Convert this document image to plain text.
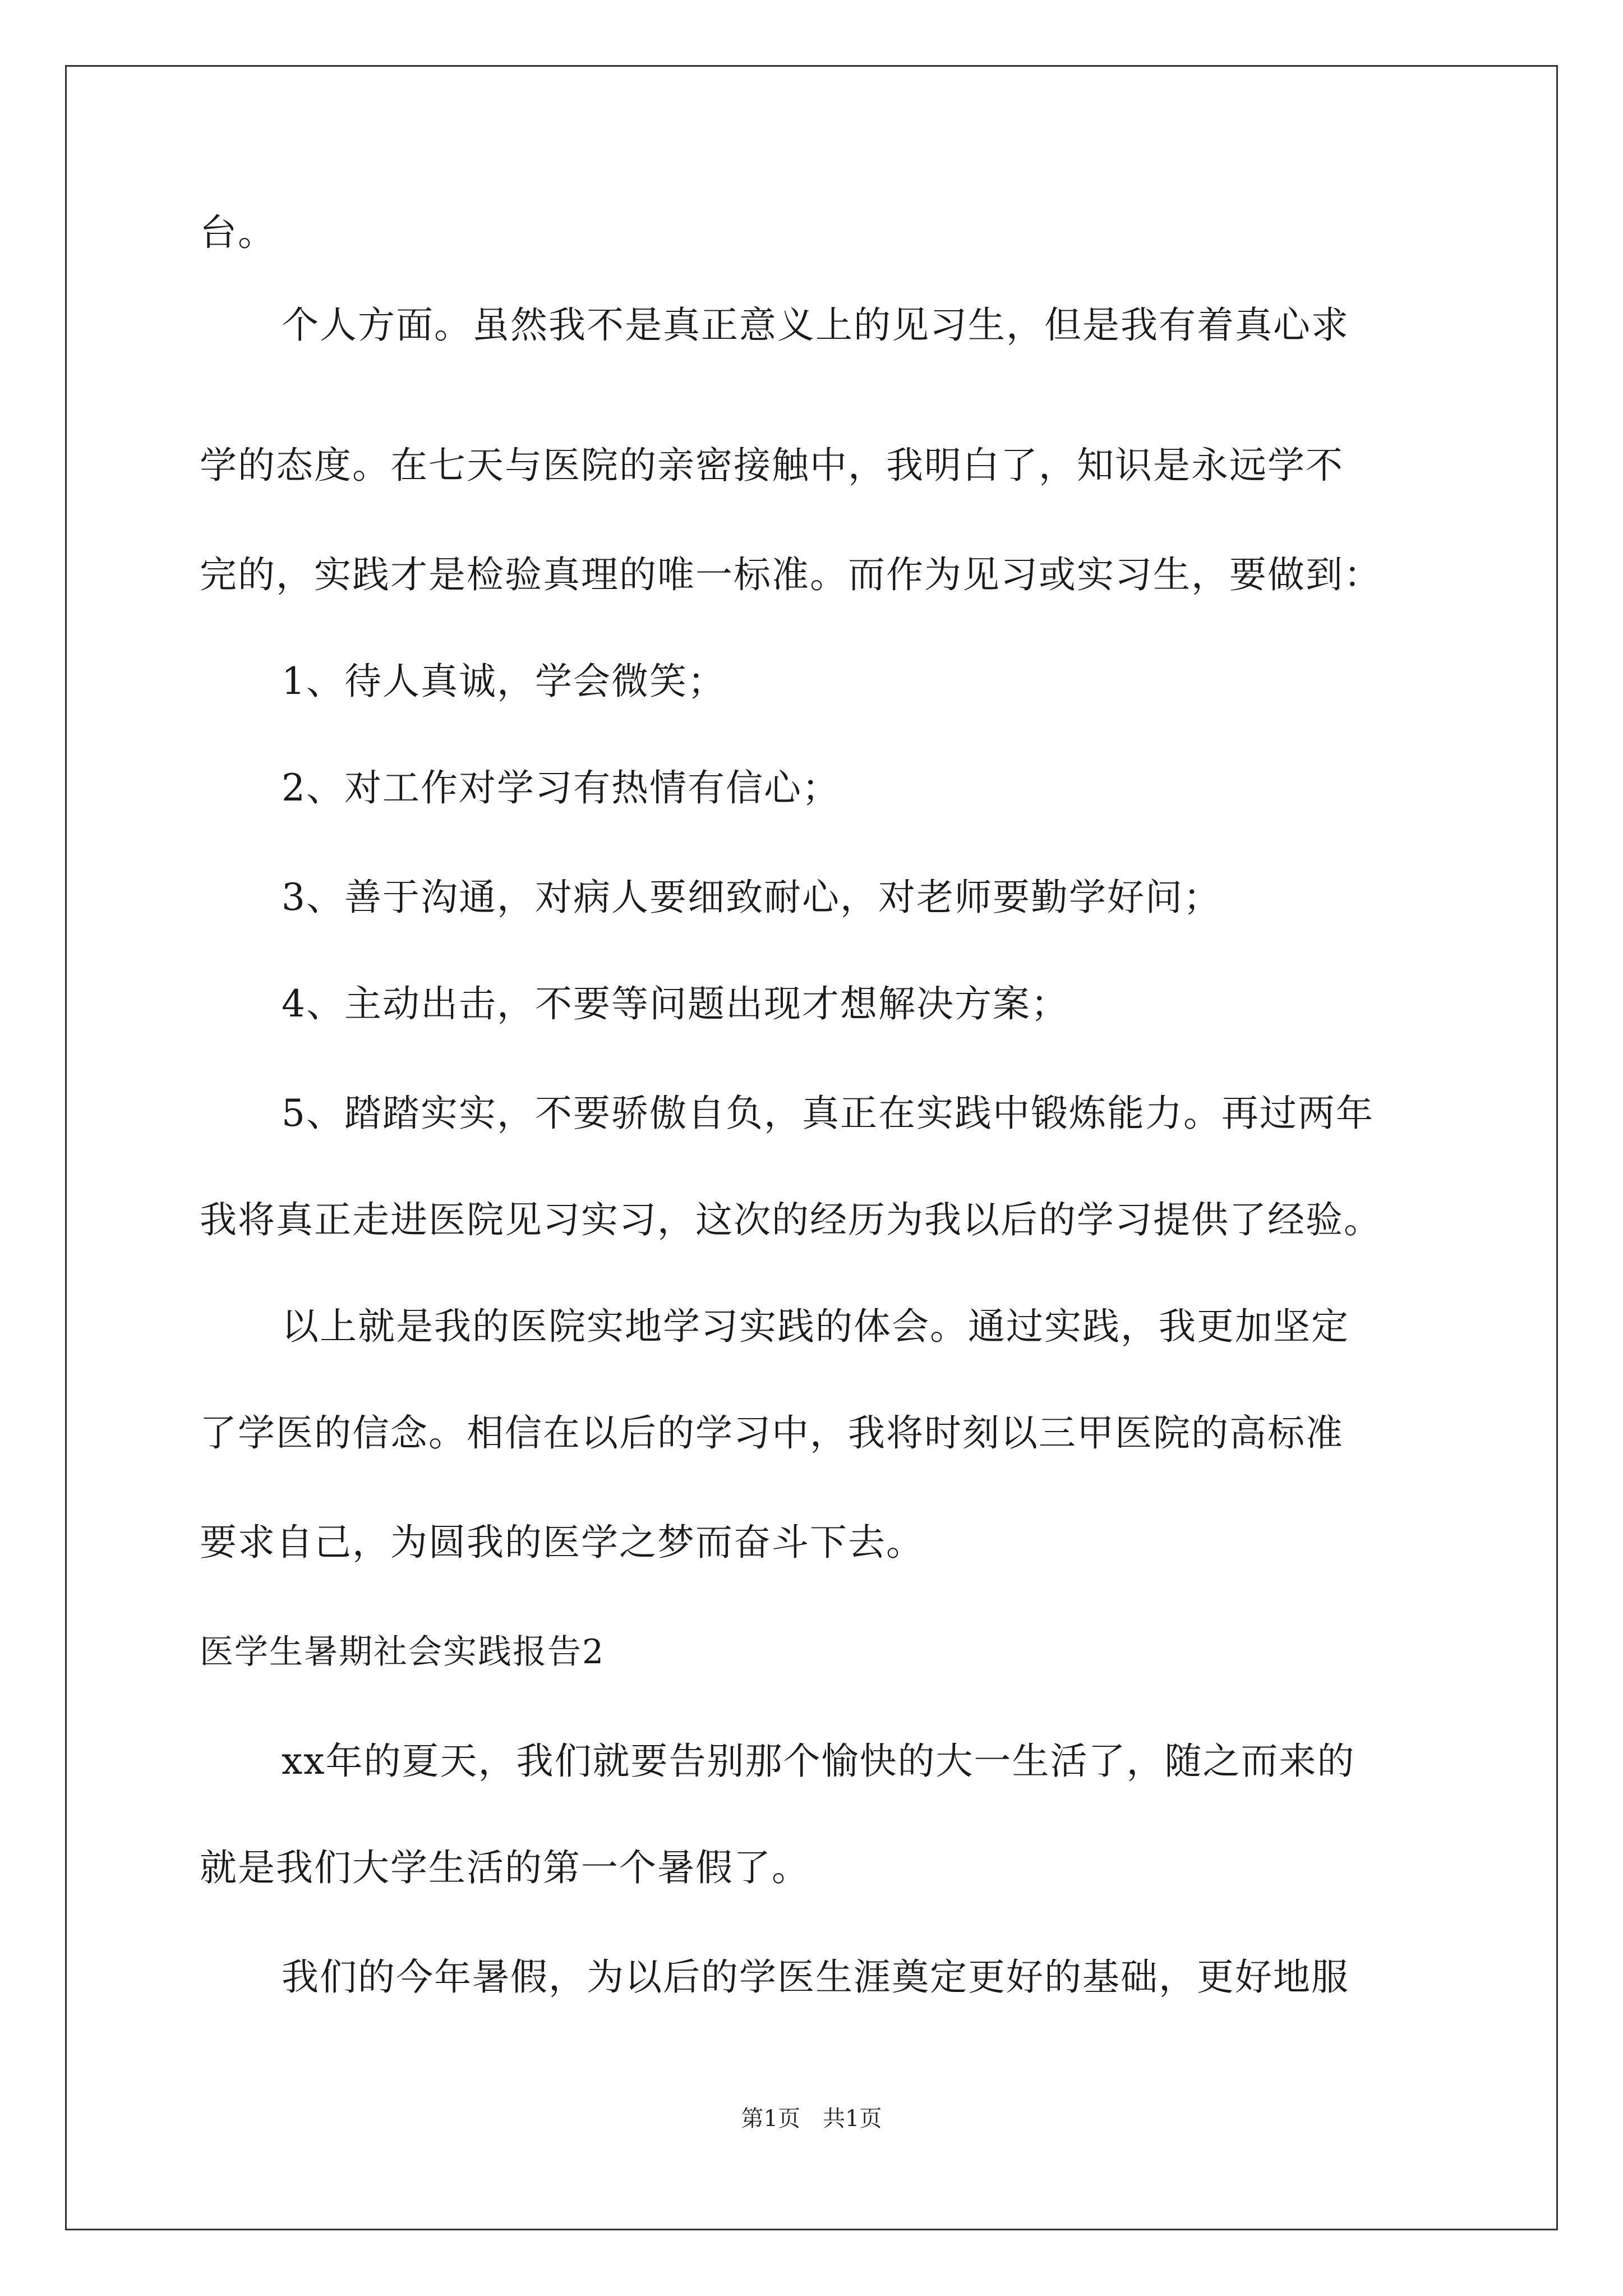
台。
个人方面。虽然我不是真正意义上的见习生，但是我有着真心求
学的态度。在七天与医院的亲密接触中，我明白了，知识是永远学不
完的，实践才是检验真理的唯一标准。而作为见习或实习生，要做到：
1、待人真诚，学会微笑；
2、对工作对学习有热情有信心；
3、善于沟通，对病人要细致耐心，对老师要勤学好问；
4、主动出击，不要等问题出现才想解决方案；
5、踏踏实实，不要骄傲自负，真正在实践中锻炼能力。再过两年
我将真正走进医院见习实习，这次的经历为我以后的学习提供了经验。
以上就是我的医院实地学习实践的体会。通过实践，我更加坚定
了学医的信念。相信在以后的学习中，我将时刻以三甲医院的高标准
要求自己，为圆我的医学之梦而奋斗下去。
医学生暑期社会实践报告2
xx年的夏天，我们就要告别那个愉快的大一生活了，随之而来的
就是我们大学生活的第一个暑假了。
我们的今年暑假，为以后的学医生涯奠定更好的基础，更好地服
第1页 共1页
